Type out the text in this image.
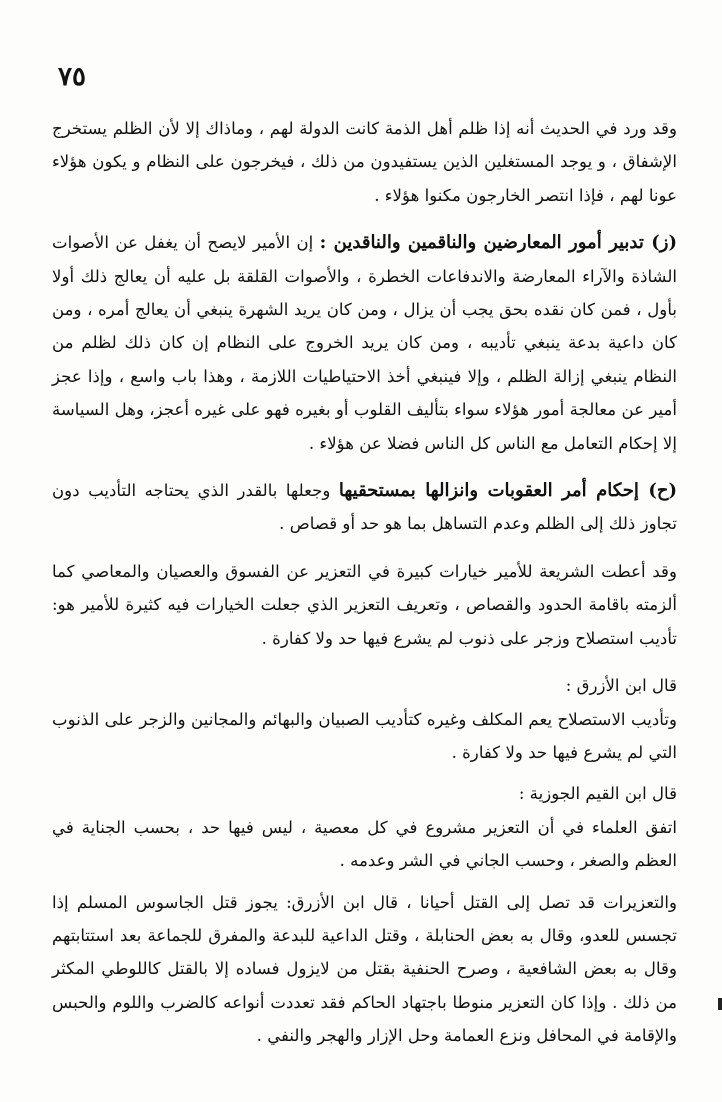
٧٥

وقد ورد في الحديث أنه إذا ظلم أهل الذمة كانت الدولة لهم ، وماذاك إلا لأن الظلم يستخرج الإشفاق ، و يوجد المستغلين الذين يستفيدون من ذلك ، فيخرجون على النظام و يكون هؤلاء عونا لهم ، فإذا انتصر الخارجون مكنوا هؤلاء .

(ز) تدبير أمور المعارضين والناقمين والناقدين : إن الأمير لايصح أن يغفل عن الأصوات الشاذة والآراء المعارضة والاندفاعات الخطرة ، والأصوات القلقة بل عليه أن يعالج ذلك أولا بأول ، فمن كان نقده بحق يجب أن يزال ، ومن كان يريد الشهرة ينبغي أن يعالج أمره ، ومن كان داعية بدعة ينبغي تأديبه ، ومن كان يريد الخروج على النظام إن كان ذلك لظلم من النظام ينبغي إزالة الظلم ، وإلا فينبغي أخذ الاحتياطيات اللازمة ، وهذا باب واسع ، وإذا عجز أمير عن معالجة أمور هؤلاء سواء بتأليف القلوب أو بغيره فهو على غيره أعجز، وهل السياسة إلا إحكام التعامل مع الناس كل الناس فضلا عن هؤلاء .

(ح) إحكام أمر العقوبات وانزالها بمستحقيها وجعلها بالقدر الذي يحتاجه التأديب دون تجاوز ذلك إلى الظلم وعدم التساهل بما هو حد أو قصاص .

وقد أعطت الشريعة للأمير خيارات كبيرة في التعزير عن الفسوق والعصيان والمعاصي كما ألزمته باقامة الحدود والقصاص ، وتعريف التعزير الذي جعلت الخيارات فيه كثيرة للأمير هو: تأديب استصلاح وزجر على ذنوب لم يشرع فيها حد ولا كفارة .

قال ابن الأزرق :

وتأديب الاستصلاح يعم المكلف وغيره كتأديب الصبيان والبهائم والمجانين والزجر على الذنوب التي لم يشرع فيها حد ولا كفارة .

قال ابن القيم الجوزية :

اتفق العلماء في أن التعزير مشروع في كل معصية ، ليس فيها حد ، بحسب الجناية في العظم والصغر ، وحسب الجاني في الشر وعدمه .

والتعزيرات قد تصل إلى القتل أحيانا ، قال ابن الأزرق: يجوز قتل الجاسوس المسلم إذا تجسس للعدو، وقال به بعض الحنابلة ، وقتل الداعية للبدعة والمفرق للجماعة بعد استتابتهم وقال به بعض الشافعية ، وصرح الحنفية بقتل من لايزول فساده إلا بالقتل كاللوطي المكثر من ذلك . وإذا كان التعزير منوطا باجتهاد الحاكم فقد تعددت أنواعه كالضرب واللوم والحبس والإقامة في المحافل ونزع العمامة وحل الإزار والهجر والنفي .
